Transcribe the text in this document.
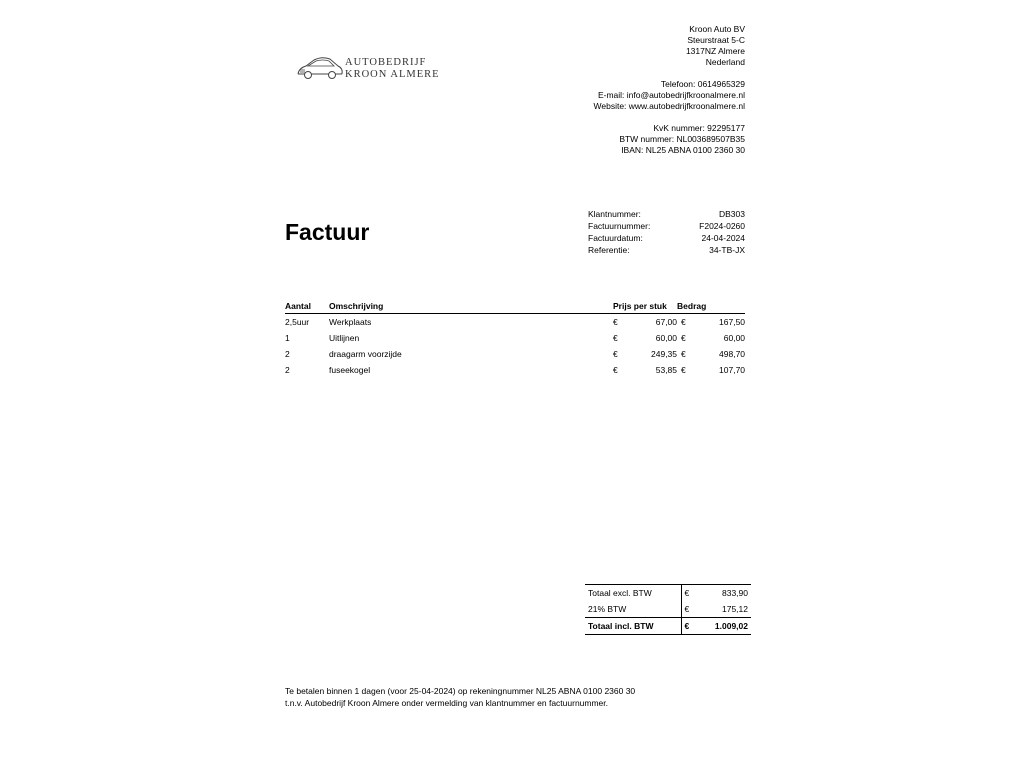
AUTOBEDRIJF
KROON ALMERE
Kroon Auto BV
Steurstraat 5-C
1317NZ Almere
Nederland
Telefoon: 0614965329
E-mail: info@autobedrijfkroonalmere.nl
Website: www.autobedrijfkroonalmere.nl
KvK nummer: 92295177
BTW nummer: NL003689507B35
IBAN: NL25 ABNA 0100 2360 30
Factuur
Klantnummer:	DB303
Factuurnummer:	F2024-0260
Factuurdatum:	24-04-2024
Referentie:	34-TB-JX
Aantal	Omschrijving	Prijs per stuk		Bedrag	
2,5uur	Werkplaats	€	67,00	€	167,50
1	Uitlijnen	€	60,00	€	60,00
2	draagarm voorzijde	€	249,35	€	498,70
2	fuseekogel	€	53,85	€	107,70
Totaal excl. BTW	€	833,90
21% BTW	€	175,12
Totaal incl. BTW	€	1.009,02
Te betalen binnen 1 dagen (voor 25-04-2024) op rekeningnummer NL25 ABNA 0100 2360 30
t.n.v. Autobedrijf Kroon Almere onder vermelding van klantnummer en factuurnummer.
